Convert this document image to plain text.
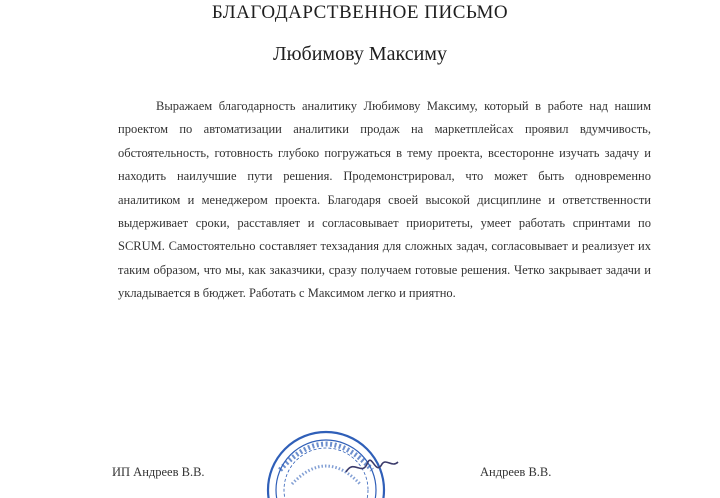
БЛАГОДАРСТВЕННОЕ ПИСЬМО
Любимову Максиму
Выражаем благодарность аналитику Любимову Максиму, который в работе над нашим проектом по автоматизации аналитики продаж на маркетплейсах проявил вдумчивость, обстоятельность, готовность глубоко погружаться в тему проекта, всесторонне изучать задачу и находить наилучшие пути решения. Продемонстрировал, что может быть одновременно аналитиком и менеджером проекта. Благодаря своей высокой дисциплине и ответственности выдерживает сроки, расставляет и согласовывает приоритеты, умеет работать спринтами по SCRUM. Самостоятельно составляет техзадания для сложных задач, согласовывает и реализует их таким образом, что мы, как заказчики, сразу получаем готовые решения. Четко закрывает задачи и укладывается в бюджет. Работать с Максимом легко и приятно.
ИП Андреев В.В.	Андреев В.В.
